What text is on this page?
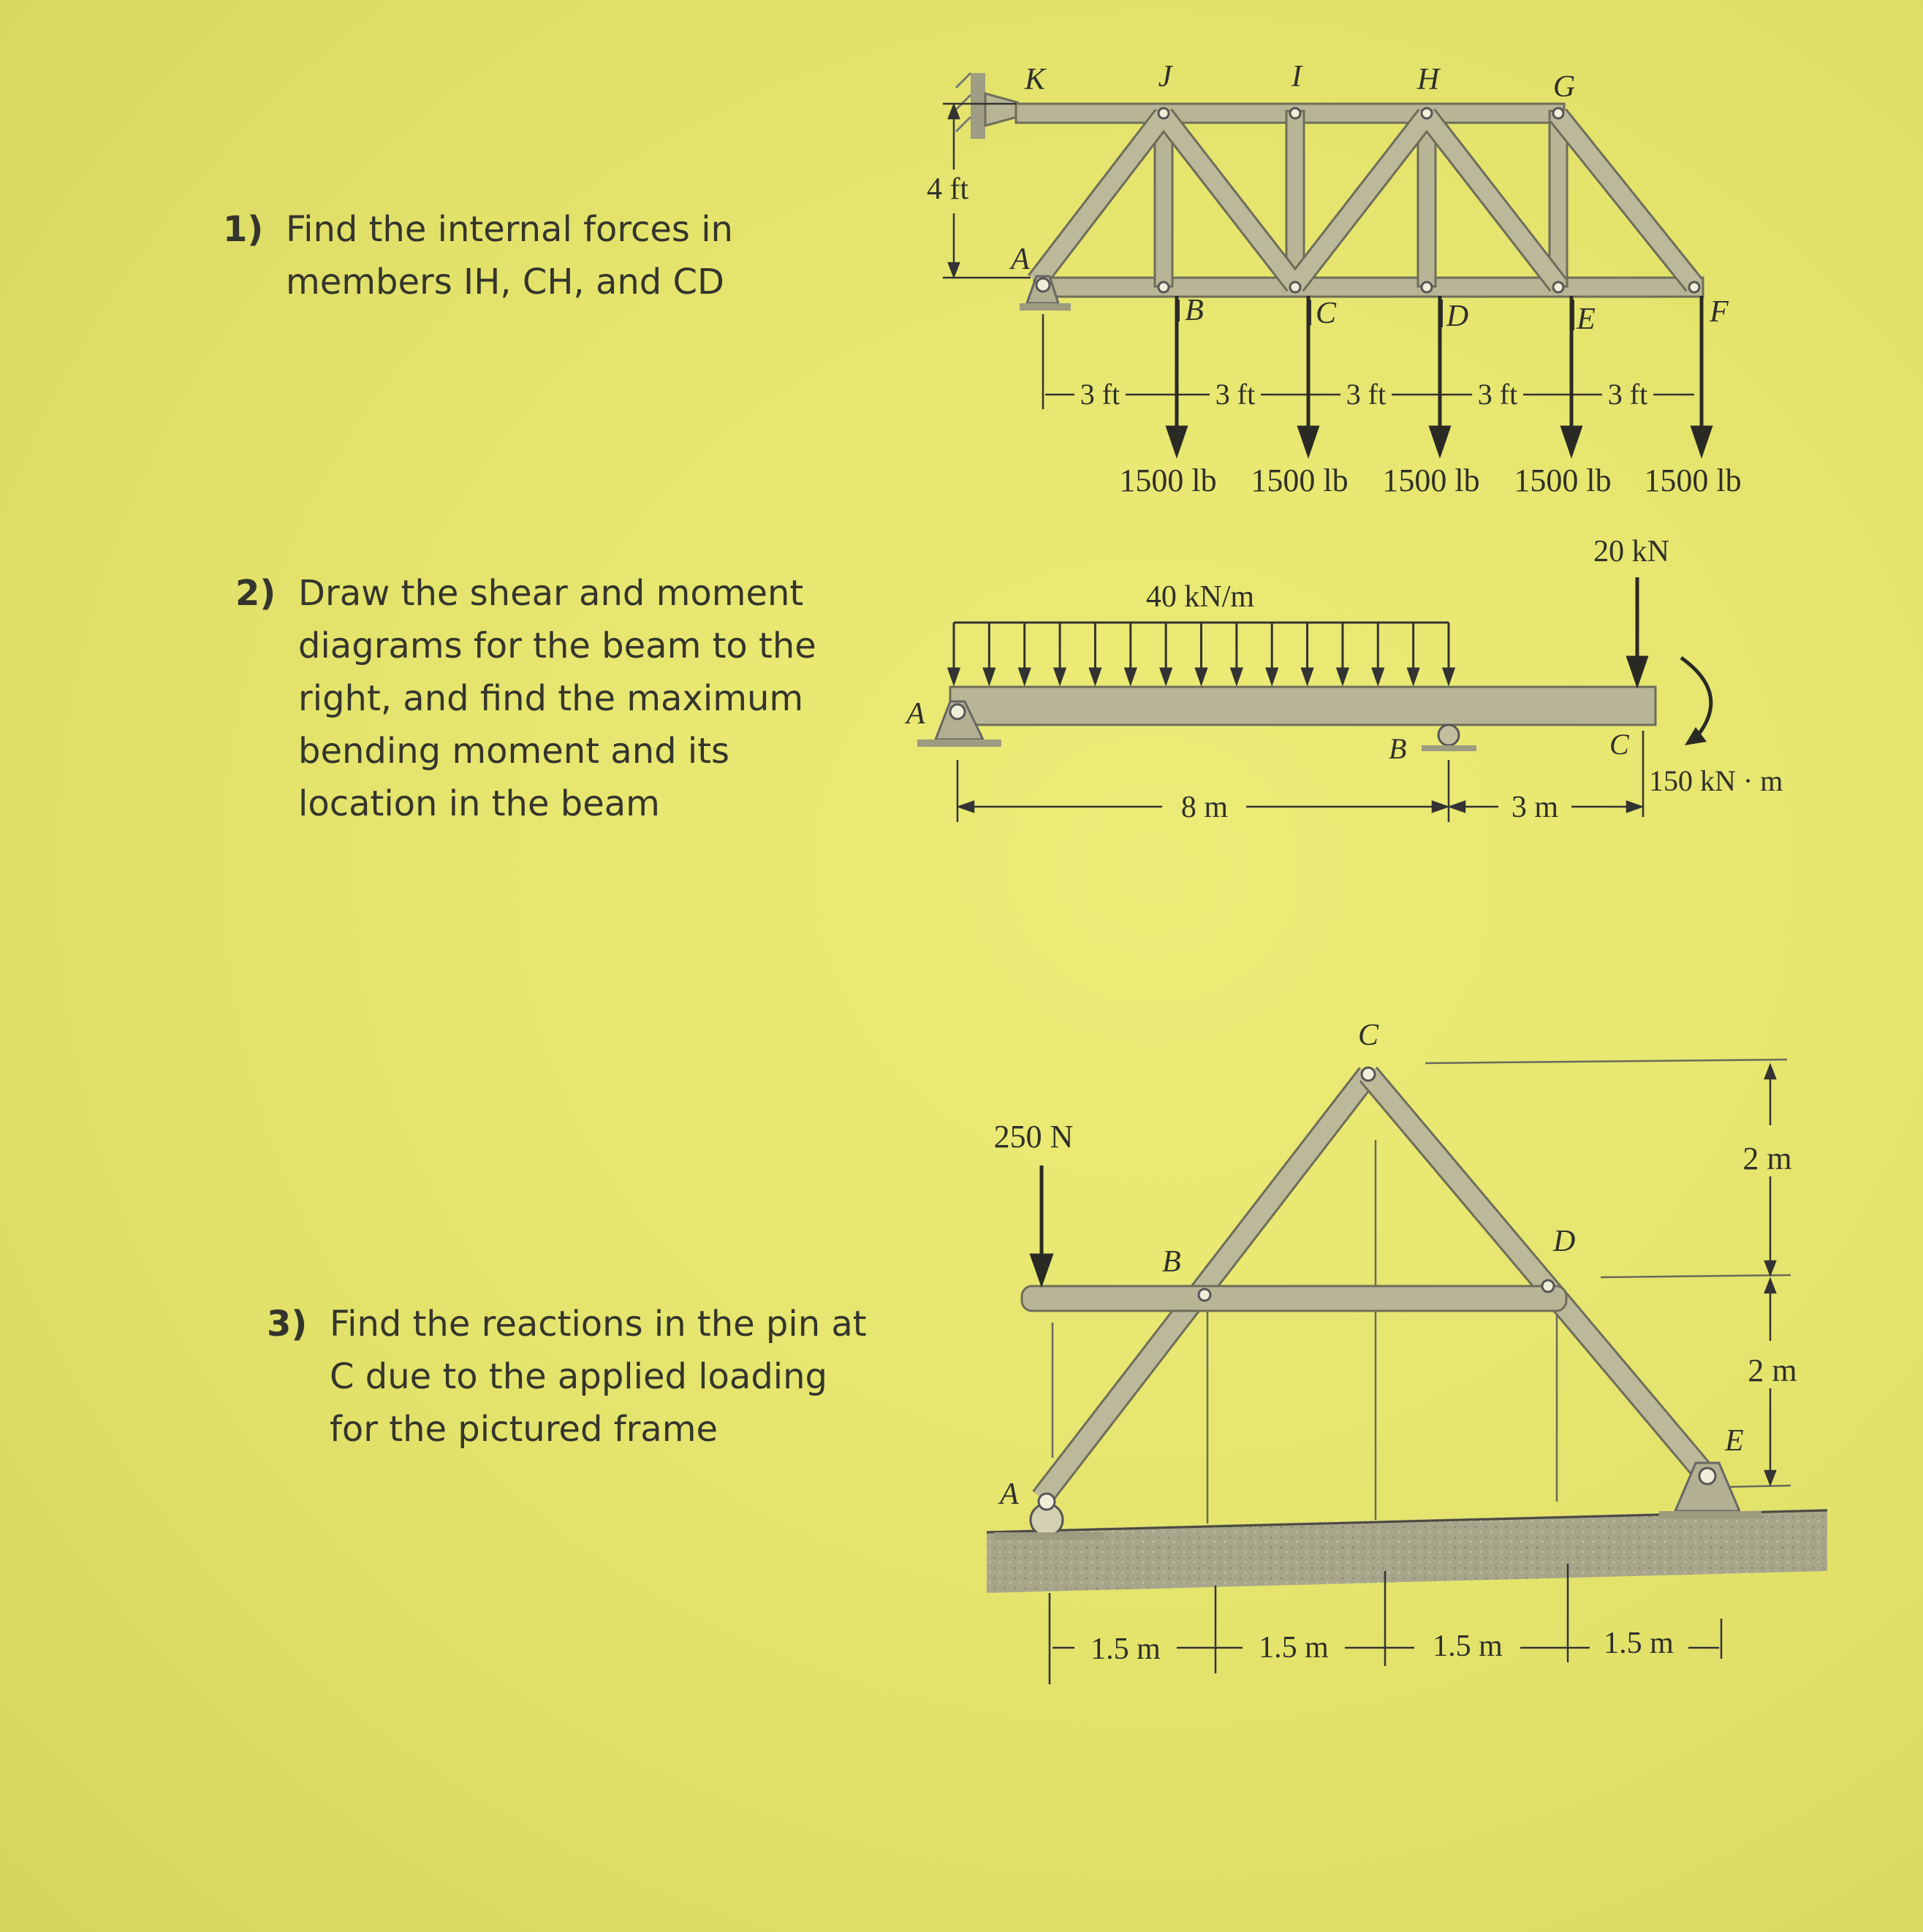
1) Find the internal forces in
members IH, CH, and CD
2) Draw the shear and moment
diagrams for the beam to the
right, and find the maximum
bending moment and its
location in the beam
3) Find the reactions in the pin at
C due to the applied loading
for the pictured frame
K	J	I	H	G
A
B	C	D	E	F
4 ft
3 ft	3 ft	3 ft	3 ft	3 ft
1500 lb 1500 lb 1500 lb 1500 lb 1500 lb
40 kN/m
A
B
20 kN
C
150 kN · m
8 m	3 m
A
B
C
D
E
250 N
2 m
2 m
1.5 m	1.5 m	1.5 m	1.5 m
